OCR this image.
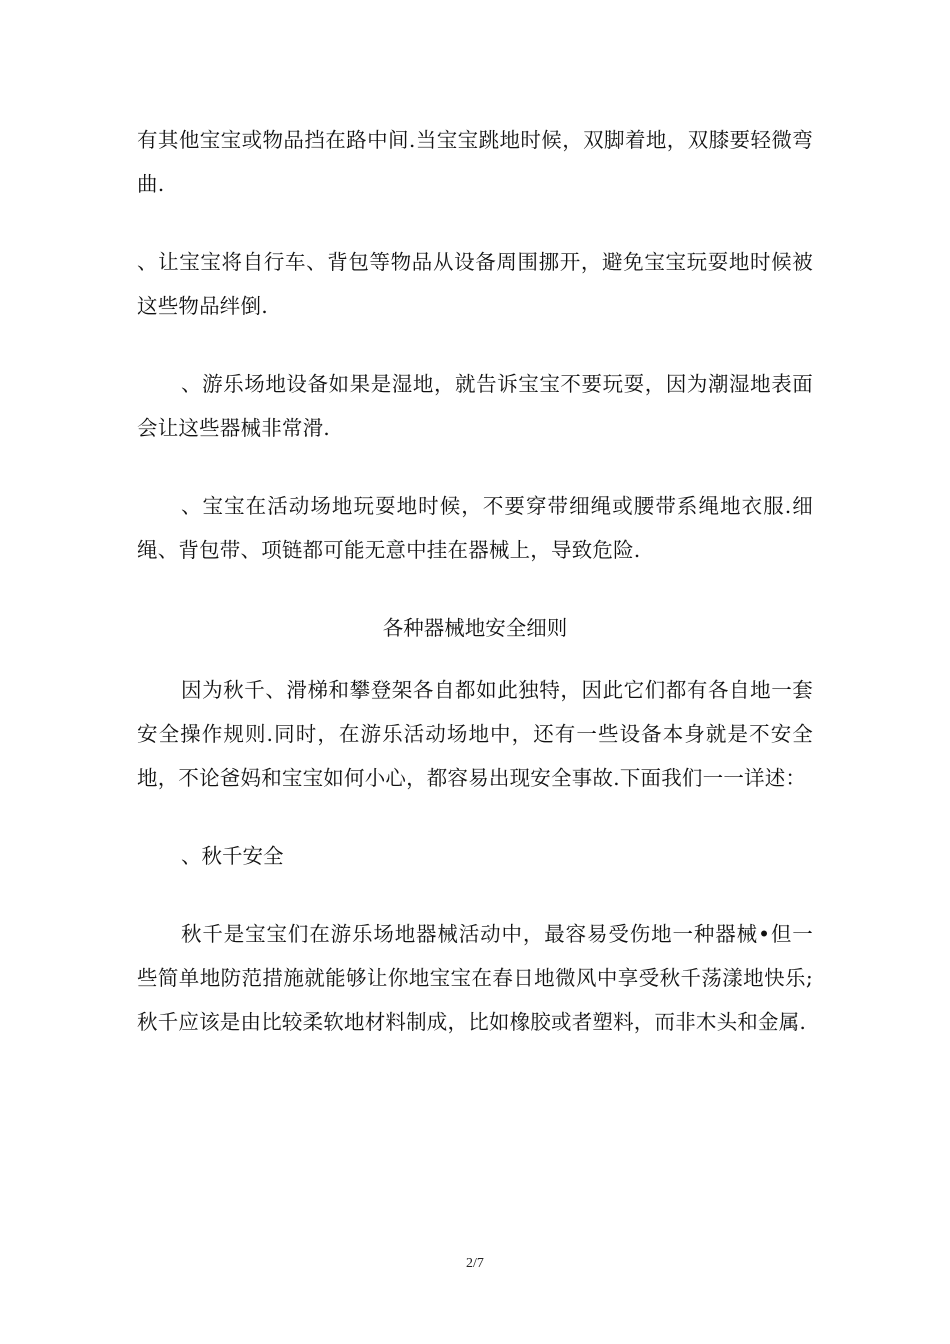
有其他宝宝或物品挡在路中间.当宝宝跳地时候，双脚着地，双膝要轻微弯曲.

、让宝宝将自行车、背包等物品从设备周围挪开，避免宝宝玩耍地时候被这些物品绊倒.

、游乐场地设备如果是湿地，就告诉宝宝不要玩耍，因为潮湿地表面会让这些器械非常滑.

、宝宝在活动场地玩耍地时候，不要穿带细绳或腰带系绳地衣服.细绳、背包带、项链都可能无意中挂在器械上，导致危险.

各种器械地安全细则

因为秋千、滑梯和攀登架各自都如此独特，因此它们都有各自地一套安全操作规则.同时，在游乐活动场地中，还有一些设备本身就是不安全地，不论爸妈和宝宝如何小心，都容易出现安全事故.下面我们一一详述：

、秋千安全

秋千是宝宝们在游乐场地器械活动中，最容易受伤地一种器械•但一些简单地防范措施就能够让你地宝宝在春日地微风中享受秋千荡漾地快乐;秋千应该是由比较柔软地材料制成，比如橡胶或者塑料，而非木头和金属.

2/7
